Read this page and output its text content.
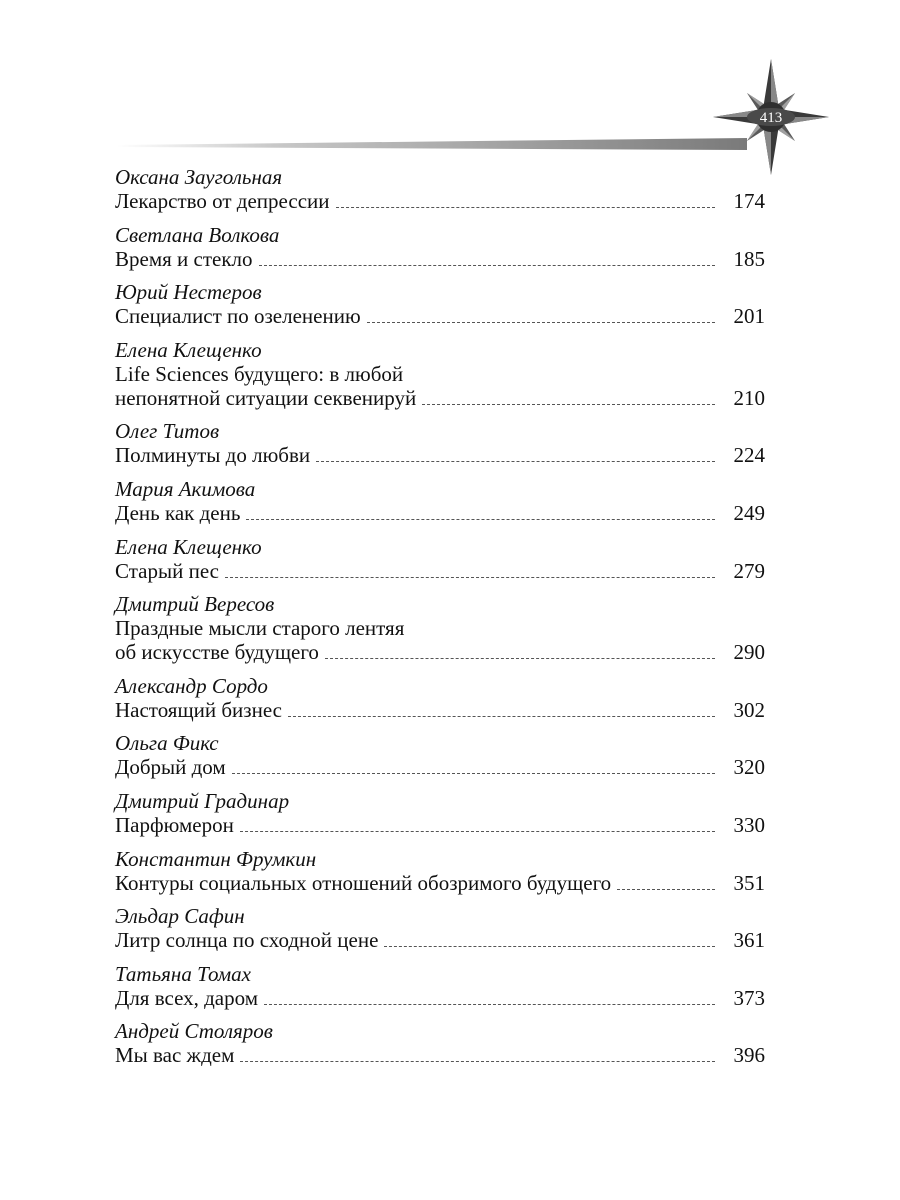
413
Оксана Заугольная
Лекарство от депрессии	174
Светлана Волкова
Время и стекло	185
Юрий Нестеров
Специалист по озеленению	201
Елена Клещенко
Life Sciences будущего: в любой
непонятной ситуации секвенируй	210
Олег Титов
Полминуты до любви	224
Мария Акимова
День как день	249
Елена Клещенко
Старый пес	279
Дмитрий Вересов
Праздные мысли старого лентяя
об искусстве будущего	290
Александр Сордо
Настоящий бизнес	302
Ольга Фикс
Добрый дом	320
Дмитрий Градинар
Парфюмерон	330
Константин Фрумкин
Контуры социальных отношений обозримого будущего	351
Эльдар Сафин
Литр солнца по сходной цене	361
Татьяна Томах
Для всех, даром	373
Андрей Столяров
Мы вас ждем	396
